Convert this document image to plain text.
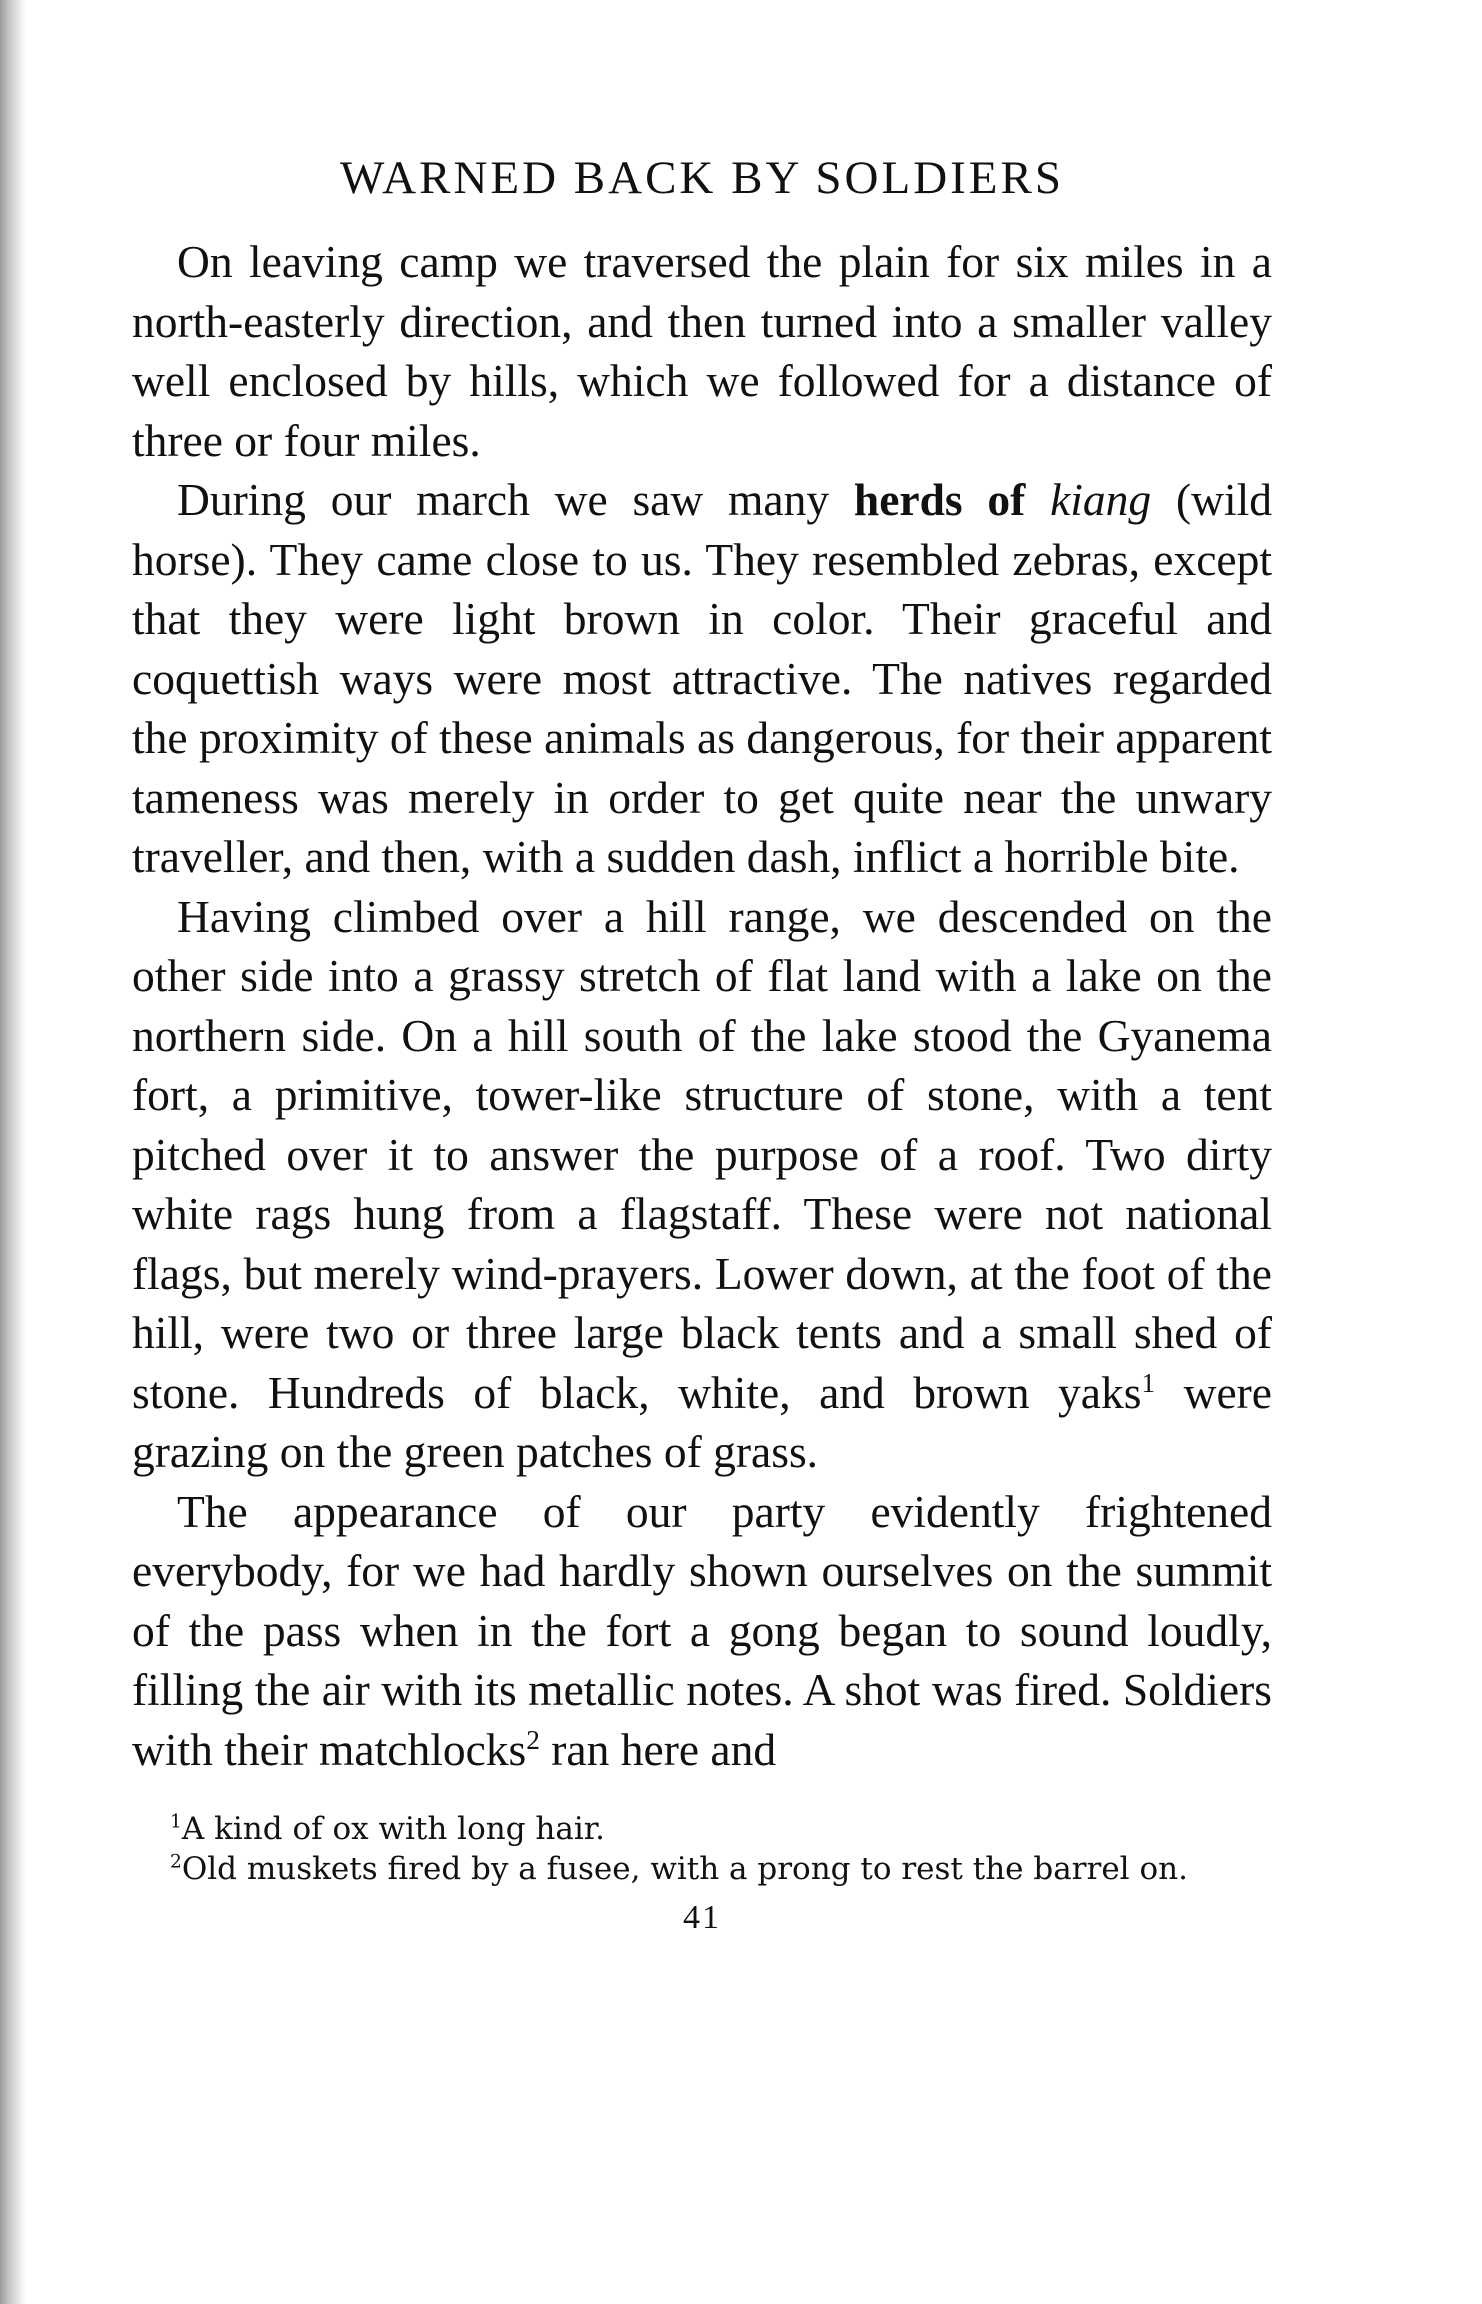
WARNED BACK BY SOLDIERS

On leaving camp we traversed the plain for six miles in a north-easterly direction, and then turned into a smaller valley well enclosed by hills, which we followed for a distance of three or four miles.

During our march we saw many herds of kiang (wild horse). They came close to us. They resembled zebras, except that they were light brown in color. Their graceful and coquettish ways were most attractive. The natives regarded the proximity of these animals as dangerous, for their apparent tameness was merely in order to get quite near the unwary traveller, and then, with a sudden dash, inflict a horrible bite.

Having climbed over a hill range, we descended on the other side into a grassy stretch of flat land with a lake on the northern side. On a hill south of the lake stood the Gyanema fort, a primitive, tower-like structure of stone, with a tent pitched over it to answer the purpose of a roof. Two dirty white rags hung from a flagstaff. These were not national flags, but merely wind-prayers. Lower down, at the foot of the hill, were two or three large black tents and a small shed of stone. Hundreds of black, white, and brown yaks$^1$ were grazing on the green patches of grass.

The appearance of our party evidently frightened everybody, for we had hardly shown ourselves on the summit of the pass when in the fort a gong began to sound loudly, filling the air with its metallic notes. A shot was fired. Soldiers with their matchlocks$^2$ ran here and

$^1$A kind of ox with long hair.

$^2$Old muskets fired by a fusee, with a prong to rest the barrel on.

41
